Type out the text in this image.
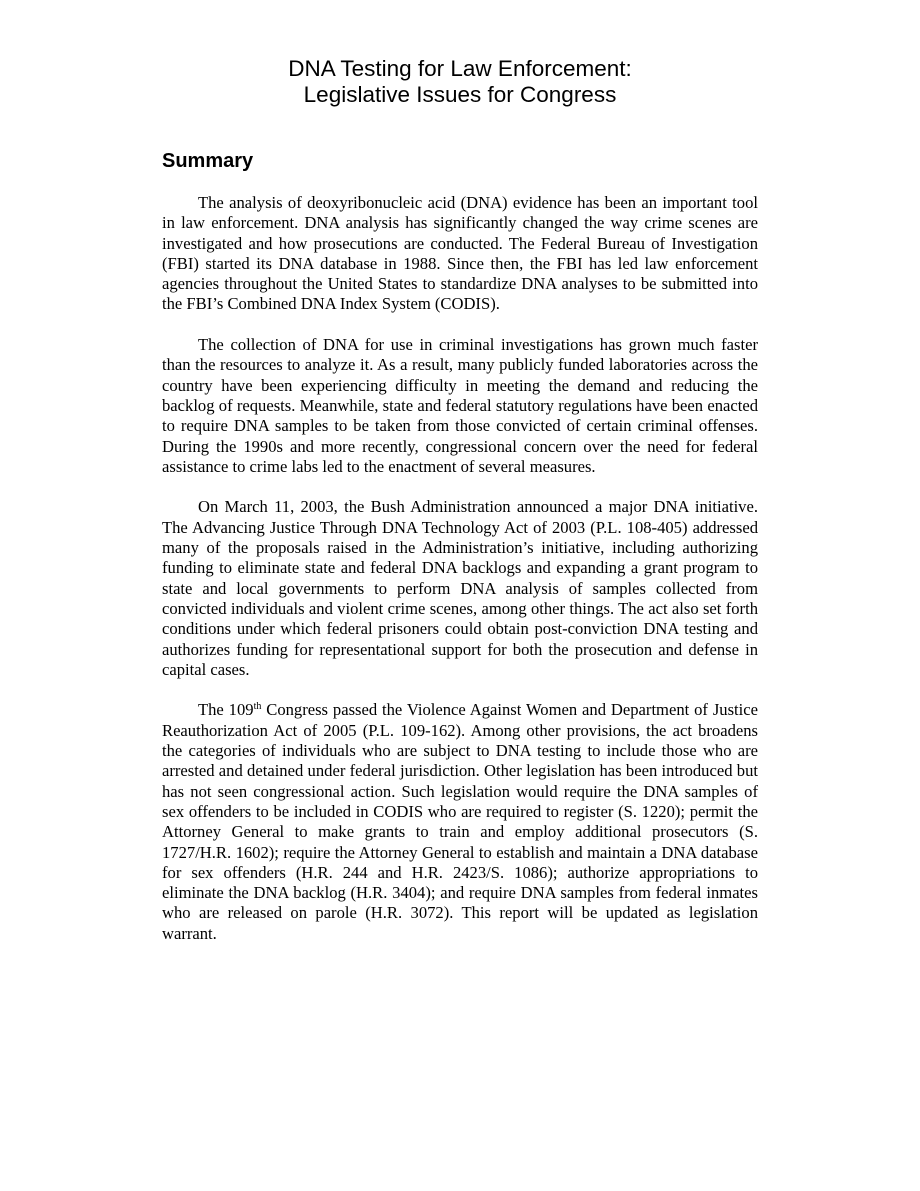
DNA Testing for Law Enforcement:
Legislative Issues for Congress
Summary

The analysis of deoxyribonucleic acid (DNA) evidence has been an important tool in law enforcement. DNA analysis has significantly changed the way crime scenes are investigated and how prosecutions are conducted. The Federal Bureau of Investigation (FBI) started its DNA database in 1988. Since then, the FBI has led law enforcement agencies throughout the United States to standardize DNA analyses to be submitted into the FBI’s Combined DNA Index System (CODIS).

The collection of DNA for use in criminal investigations has grown much faster than the resources to analyze it. As a result, many publicly funded laboratories across the country have been experiencing difficulty in meeting the demand and reducing the backlog of requests. Meanwhile, state and federal statutory regulations have been enacted to require DNA samples to be taken from those convicted of certain criminal offenses. During the 1990s and more recently, congressional concern over the need for federal assistance to crime labs led to the enactment of several measures.

On March 11, 2003, the Bush Administration announced a major DNA initiative. The Advancing Justice Through DNA Technology Act of 2003 (P.L. 108-405) addressed many of the proposals raised in the Administration’s initiative, including authorizing funding to eliminate state and federal DNA backlogs and expanding a grant program to state and local governments to perform DNA analysis of samples collected from convicted individuals and violent crime scenes, among other things. The act also set forth conditions under which federal prisoners could obtain post-conviction DNA testing and authorizes funding for representational support for both the prosecution and defense in capital cases.

The 109th Congress passed the Violence Against Women and Department of Justice Reauthorization Act of 2005 (P.L. 109-162). Among other provisions, the act broadens the categories of individuals who are subject to DNA testing to include those who are arrested and detained under federal jurisdiction. Other legislation has been introduced but has not seen congressional action. Such legislation would require the DNA samples of sex offenders to be included in CODIS who are required to register (S. 1220); permit the Attorney General to make grants to train and employ additional prosecutors (S. 1727/H.R. 1602); require the Attorney General to establish and maintain a DNA database for sex offenders (H.R. 244 and H.R. 2423/S. 1086); authorize appropriations to eliminate the DNA backlog (H.R. 3404); and require DNA samples from federal inmates who are released on parole (H.R. 3072). This report will be updated as legislation warrant.
